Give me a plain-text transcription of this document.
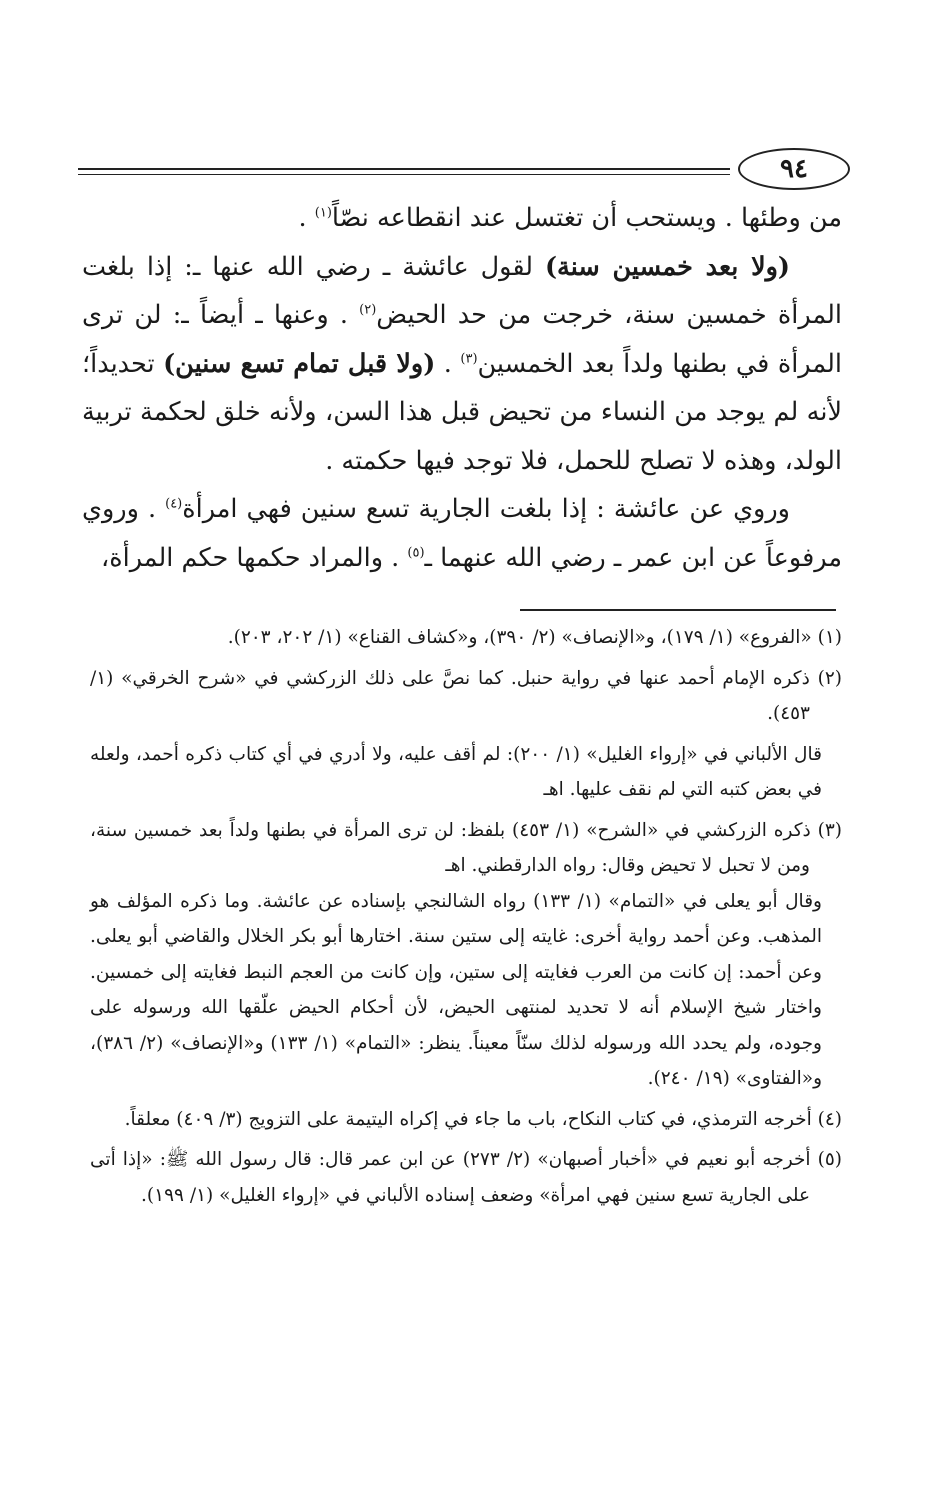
٩٤

من وطئها . ويستحب أن تغتسل عند انقطاعه نصّاً$^{(١)}$ .

(ولا بعد خمسين سنة) لقول عائشة ـ رضي الله عنها ـ: إذا بلغت المرأة خمسين سنة، خرجت من حد الحيض$^{(٢)}$ . وعنها ـ أيضاً ـ: لن ترى المرأة في بطنها ولداً بعد الخمسين$^{(٣)}$ . (ولا قبل تمام تسع سنين) تحديداً؛ لأنه لم يوجد من النساء من تحيض قبل هذا السن، ولأنه خلق لحكمة تربية الولد، وهذه لا تصلح للحمل، فلا توجد فيها حكمته .

وروي عن عائشة : إذا بلغت الجارية تسع سنين فهي امرأة$^{(٤)}$ . وروي مرفوعاً عن ابن عمر ـ رضي الله عنهما ـ$^{(٥)}$ . والمراد حكمها حكم المرأة،

(١) «الفروع» (١/ ١٧٩)، و«الإنصاف» (٢/ ٣٩٠)، و«كشاف القناع» (١/ ٢٠٢، ٢٠٣).

(٢) ذكره الإمام أحمد عنها في رواية حنبل. كما نصَّ على ذلك الزركشي في «شرح الخرقي» (١/ ٤٥٣).

قال الألباني في «إرواء الغليل» (١/ ٢٠٠): لم أقف عليه، ولا أدري في أي كتاب ذكره أحمد، ولعله في بعض كتبه التي لم نقف عليها. اهـ

(٣) ذكره الزركشي في «الشرح» (١/ ٤٥٣) بلفظ: لن ترى المرأة في بطنها ولداً بعد خمسين سنة، ومن لا تحبل لا تحيض وقال: رواه الدارقطني. اهـ

وقال أبو يعلى في «التمام» (١/ ١٣٣) رواه الشالنجي بإسناده عن عائشة. وما ذكره المؤلف هو المذهب. وعن أحمد رواية أخرى: غايته إلى ستين سنة. اختارها أبو بكر الخلال والقاضي أبو يعلى. وعن أحمد: إن كانت من العرب فغايته إلى ستين، وإن كانت من العجم النبط فغايته إلى خمسين. واختار شيخ الإسلام أنه لا تحديد لمنتهى الحيض، لأن أحكام الحيض علّقها الله ورسوله على وجوده، ولم يحدد الله ورسوله لذلك سنّاً معيناً. ينظر: «التمام» (١/ ١٣٣) و«الإنصاف» (٢/ ٣٨٦)، و«الفتاوى» (١٩/ ٢٤٠).

(٤) أخرجه الترمذي، في كتاب النكاح، باب ما جاء في إكراه اليتيمة على التزويج (٣/ ٤٠٩) معلقاً.

(٥) أخرجه أبو نعيم في «أخبار أصبهان» (٢/ ٢٧٣) عن ابن عمر قال: قال رسول الله ﷺ: «إذا أتى على الجارية تسع سنين فهي امرأة» وضعف إسناده الألباني في «إرواء الغليل» (١/ ١٩٩).
